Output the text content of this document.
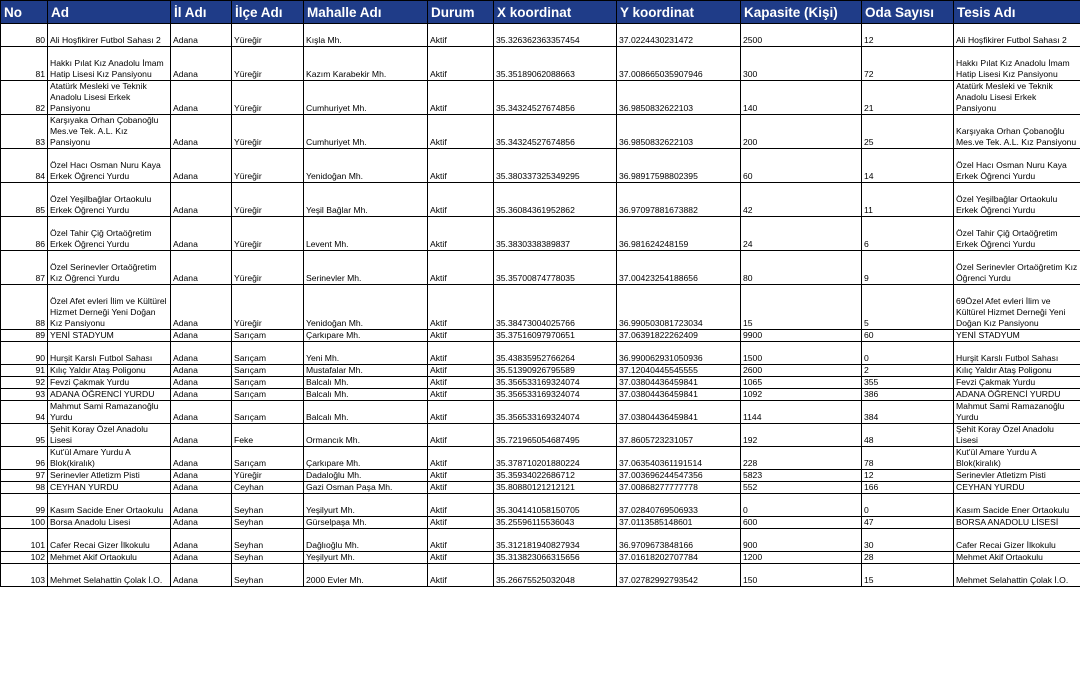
No	Ad	İl Adı	İlçe Adı	Mahalle Adı	Durum	X koordinat	Y koordinat	Kapasite (Kişi)	Oda Sayısı	Tesis Adı
80	Ali Hoşfikirer Futbol Sahası 2	Adana	Yüreğir	Kışla Mh.	Aktif	35.326362363357454	37.0224430231472	2500	12	Ali Hoşfikirer Futbol Sahası 2
81	Hakkı Pılat Kız Anadolu İmam Hatip Lisesi Kız Pansiyonu	Adana	Yüreğir	Kazım Karabekir Mh.	Aktif	35.35189062088663	37.008665035907946	300	72	Hakkı Pılat Kız Anadolu İmam Hatip Lisesi Kız Pansiyonu
82	Atatürk Mesleki ve Teknik Anadolu Lisesi Erkek Pansiyonu	Adana	Yüreğir	Cumhuriyet Mh.	Aktif	35.34324527674856	36.9850832622103	140	21	Atatürk Mesleki ve Teknik Anadolu Lisesi Erkek Pansiyonu
83	Karşıyaka Orhan Çobanoğlu Mes.ve Tek. A.L. Kız Pansiyonu	Adana	Yüreğir	Cumhuriyet Mh.	Aktif	35.34324527674856	36.9850832622103	200	25	Karşıyaka Orhan Çobanoğlu Mes.ve Tek. A.L. Kız Pansiyonu
84	Özel Hacı Osman Nuru Kaya Erkek Öğrenci Yurdu	Adana	Yüreğir	Yenidoğan Mh.	Aktif	35.380337325349295	36.98917598802395	60	14	Özel Hacı Osman Nuru Kaya Erkek Öğrenci Yurdu
85	Özel Yeşilbağlar Ortaokulu Erkek Öğrenci Yurdu	Adana	Yüreğir	Yeşil Bağlar Mh.	Aktif	35.36084361952862	36.97097881673882	42	11	Özel Yeşilbağlar Ortaokulu Erkek Öğrenci Yurdu
86	Özel Tahir Çiğ Ortaöğretim Erkek Öğrenci Yurdu	Adana	Yüreğir	Levent Mh.	Aktif	35.3830338389837	36.981624248159	24	6	Özel Tahir Çiğ Ortaöğretim Erkek Öğrenci Yurdu
87	Özel Serinevler Ortaöğretim Kız Öğrenci Yurdu	Adana	Yüreğir	Serinevler Mh.	Aktif	35.35700874778035	37.00423254188656	80	9	Özel Serinevler Ortaöğretim Kız Öğrenci Yurdu
88	Özel Afet evleri İlim ve Kültürel Hizmet Derneği Yeni Doğan Kız Pansiyonu	Adana	Yüreğir	Yenidoğan Mh.	Aktif	35.38473004025766	36.990503081723034	15	5	69Özel Afet evleri İlim ve Kültürel Hizmet Derneği Yeni Doğan Kız Pansiyonu
89	YENİ STADYUM	Adana	Sarıçam	Çarkıpare Mh.	Aktif	35.37516097970651	37.06391822262409	9900	60	YENİ STADYUM
90	Hurşit Karslı Futbol Sahası	Adana	Sarıçam	Yeni Mh.	Aktif	35.43835952766264	36.990062931050936	1500	0	Hurşit Karslı Futbol Sahası
91	Kılıç Yaldır Ataş Poligonu	Adana	Sarıçam	Mustafalar Mh.	Aktif	35.51390926795589	37.12040445545555	2600	2	Kılıç Yaldır Ataş Poligonu
92	Fevzi Çakmak Yurdu	Adana	Sarıçam	Balcalı Mh.	Aktif	35.356533169324074	37.03804436459841	1065	355	Fevzi Çakmak Yurdu
93	ADANA ÖĞRENCİ YURDU	Adana	Sarıçam	Balcalı Mh.	Aktif	35.356533169324074	37.03804436459841	1092	386	ADANA ÖĞRENCİ YURDU
94	Mahmut Sami Ramazanoğlu Yurdu	Adana	Sarıçam	Balcalı Mh.	Aktif	35.356533169324074	37.03804436459841	1144	384	Mahmut Sami Ramazanoğlu Yurdu
95	Şehit Koray Özel Anadolu Lisesi	Adana	Feke	Ormancık Mh.	Aktif	35.721965054687495	37.8605723231057	192	48	Şehit Koray Özel Anadolu Lisesi
96	Kut'ül Amare Yurdu A Blok(kiralık)	Adana	Sarıçam	Çarkıpare Mh.	Aktif	35.378710201880224	37.063540361191514	228	78	Kut'ül Amare Yurdu A Blok(kiralık)
97	Serinevler Atletizm Pisti	Adana	Yüreğir	Dadaloğlu Mh.	Aktif	35.35934022686712	37.003696244547356	5823	12	Serinevler Atletizm Pisti
98	CEYHAN YURDU	Adana	Ceyhan	Gazi Osman Paşa Mh.	Aktif	35.80880121212121	37.00868277777778	552	166	CEYHAN YURDU
99	Kasım Sacide Ener Ortaokulu	Adana	Seyhan	Yeşilyurt Mh.	Aktif	35.304141058150705	37.02840769506933	0	0	Kasım Sacide Ener Ortaokulu
100	Borsa Anadolu Lisesi	Adana	Seyhan	Gürselpaşa Mh.	Aktif	35.25596115536043	37.0113585148601	600	47	BORSA ANADOLU LİSESİ
101	Cafer Recai Gizer İlkokulu	Adana	Seyhan	Dağlıoğlu Mh.	Aktif	35.312181940827934	36.9709673848166	900	30	Cafer Recai Gizer İlkokulu
102	Mehmet Akif Ortaokulu	Adana	Seyhan	Yeşilyurt Mh.	Aktif	35.313823066315656	37.01618202707784	1200	28	Mehmet Akif Ortaokulu
103	Mehmet Selahattin Çolak İ.O.	Adana	Seyhan	2000 Evler Mh.	Aktif	35.26675525032048	37.02782992793542	150	15	Mehmet Selahattin Çolak İ.O.
